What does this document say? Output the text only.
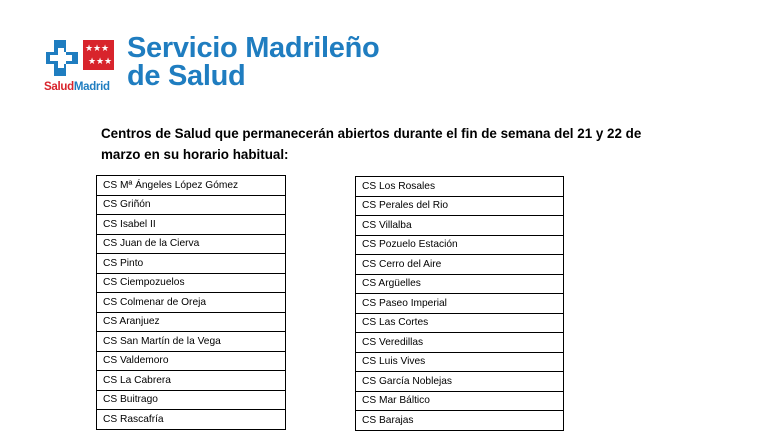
★ ★ ★
★ ★ ★
SaludMadrid
Servicio Madrileño
de Salud
Centros de Salud que permanecerán abiertos durante el fin de semana del 21 y 22 de
marzo en su horario habitual:
CS Mª Ángeles López Gómez
CS Griñón
CS Isabel II
CS Juan de la Cierva
CS Pinto
CS Ciempozuelos
CS Colmenar de Oreja
CS Aranjuez
CS San Martín de la Vega
CS Valdemoro
CS La Cabrera
CS Buitrago
CS Rascafría
CS Los Rosales
CS Perales del Rio
CS Villalba
CS Pozuelo Estación
CS Cerro del Aire
CS Argüelles
CS Paseo Imperial
CS Las Cortes
CS Veredillas
CS Luis Vives
CS García Noblejas
CS Mar Báltico
CS Barajas
